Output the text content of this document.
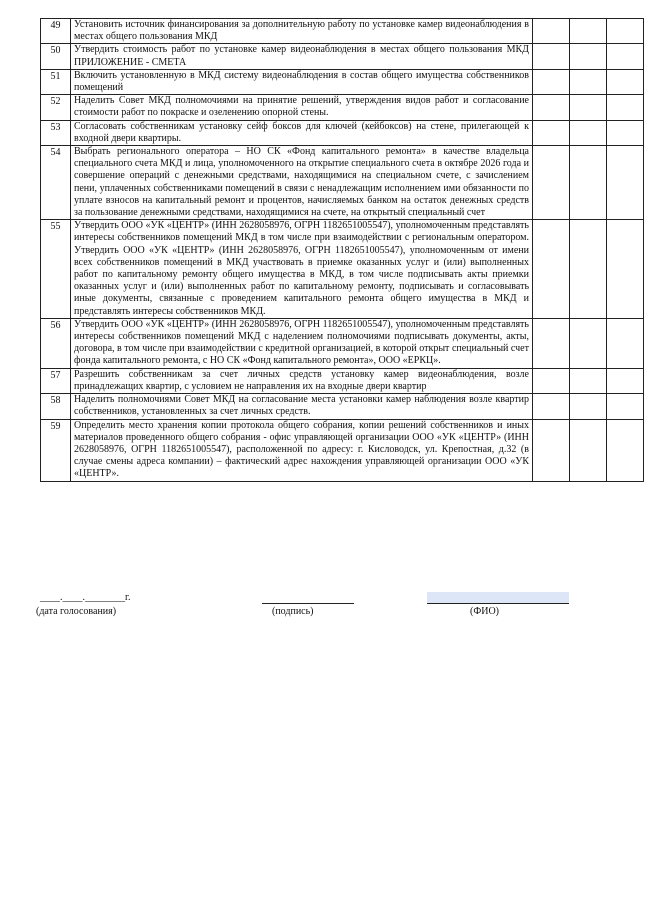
49	Установить источник финансирования за дополнительную работу по установке камер видеонаблюдения в местах общего пользования МКД			
50	Утвердить стоимость работ по установке камер видеонаблюдения в местах общего пользования МКД ПРИЛОЖЕНИЕ - СМЕТА			
51	Включить установленную в МКД систему видеонаблюдения в состав общего имущества собственников помещений			
52	Наделить Совет МКД полномочиями на принятие решений, утверждения видов работ и согласование стоимости работ по покраске и озеленению опорной стены.			
53	Согласовать собственникам установку сейф боксов для ключей (кейбоксов) на стене, прилегающей к входной двери квартиры.			
54	Выбрать регионального оператора – НО СК «Фонд капитального ремонта» в качестве владельца специального счета МКД и лица, уполномоченного на открытие специального счета в октябре 2026 года и совершение операций с денежными средствами, находящимися на специальном счете, с зачислением пени, уплаченных собственниками помещений в связи с ненадлежащим исполнением ими обязанности по уплате взносов на капитальный ремонт и процентов, начисляемых банком на остаток денежных средств за пользование денежными средствами, находящимися на счете, на открытый специальный счет			
55	Утвердить ООО «УК «ЦЕНТР» (ИНН 2628058976, ОГРН 1182651005547), уполномоченным представлять интересы собственников помещений МКД в том числе при взаимодействии с региональным оператором. Утвердить ООО «УК «ЦЕНТР» (ИНН 2628058976, ОГРН 1182651005547), уполномоченным от имени всех собственников помещений в МКД участвовать в приемке оказанных услуг и (или) выполненных работ по капитальному ремонту общего имущества в МКД, в том числе подписывать акты приемки оказанных услуг и (или) выполненных работ по капитальному ремонту, подписывать и согласовывать иные документы, связанные с проведением капитального ремонта общего имущества в МКД и представлять интересы собственников МКД.			
56	Утвердить ООО «УК «ЦЕНТР» (ИНН 2628058976, ОГРН 1182651005547), уполномоченным представлять интересы собственников помещений МКД с наделением полномочиями подписывать документы, акты, договора, в том числе при взаимодействии с кредитной организацией, в которой открыт специальный счет фонда капитального ремонта, с НО СК «Фонд капитального ремонта», ООО «ЕРКЦ».			
57	Разрешить собственникам за счет личных средств установку камер видеонаблюдения, возле принадлежащих квартир, с условием не направления их на входные двери квартир			
58	Наделить полномочиями Совет МКД на согласование места установки камер наблюдения возле квартир собственников, установленных за счет личных средств.			
59	Определить место хранения копии протокола общего собрания, копии решений собственников и иных материалов проведенного общего собрания - офис управляющей организации ООО «УК «ЦЕНТР» (ИНН 2628058976, ОГРН 1182651005547), расположенной по адресу: г. Кисловодск, ул. Крепостная, д.32 (в случае смены адреса компании) – фактический адрес нахождения управляющей организации ООО «УК «ЦЕНТР».			
____.____.________г.

(дата голосования)	(подпись)	(ФИО)
